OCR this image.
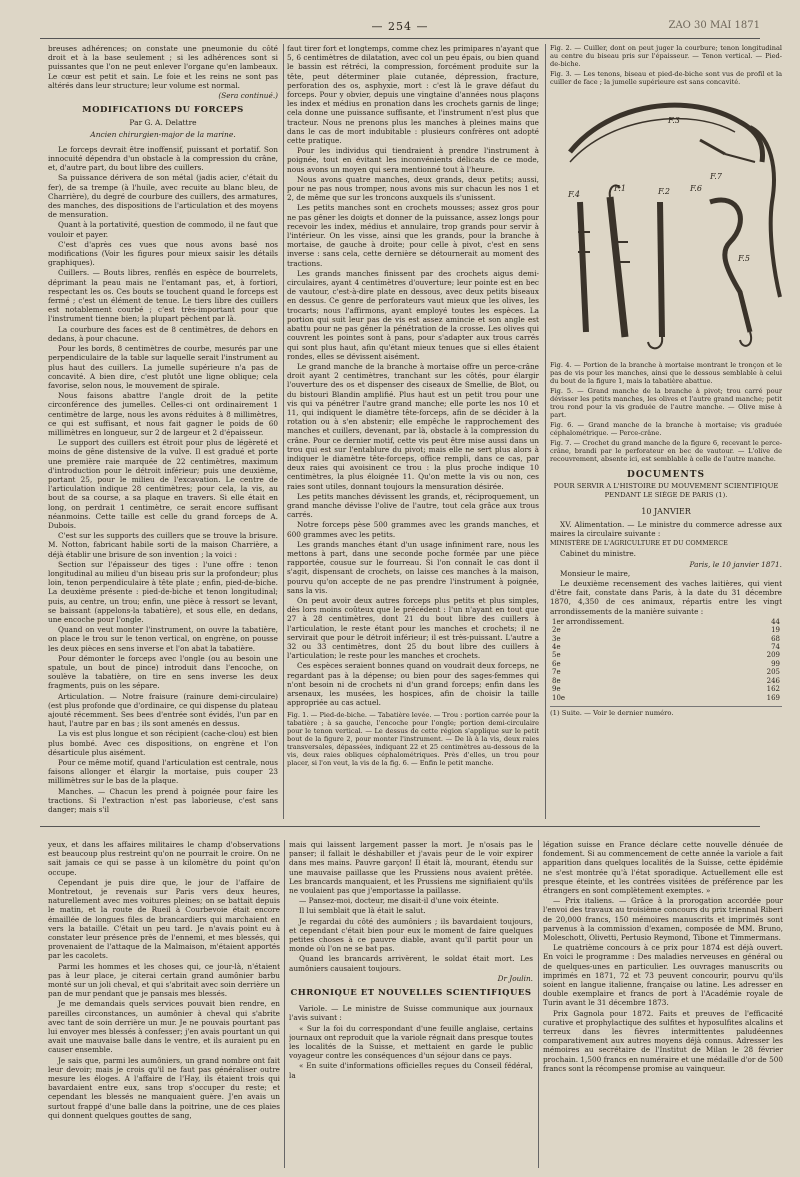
— 254 —	ZAO 30 MAI 1871

breuses adhérences; on constate une pneumonie du côté droit et à la base seulement ; si les adhérences sont si puissantes que l'on ne peut enlever l'organe qu'en lambeaux. Le cœur est petit et sain. Le foie et les reins ne sont pas altérés dans leur structure; leur volume est normal.

(Sera continué.)
MODIFICATIONS DU FORCEPS
Par G. A. Delattre
Ancien chirurgien-major de la marine.

Le forceps devrait être inoffensif, puissant et portatif. Son innocuité dépendra d'un obstacle à la compression du crâne, et, d'autre part, du bout libre des cuillers.

Sa puissance dérivera de son métal (jadis acier, c'était du fer), de sa trempe (à l'huile, avec recuite au blanc bleu, de Charrière), du degré de courbure des cuillers, des armatures, des manches, des dispositions de l'articulation et des moyens de mensuration.

Quant à la portativité, question de commodo, il ne faut que vouloir et payer.

C'est d'après ces vues que nous avons basé nos modifications (Voir les figures pour mieux saisir les détails graphiques).

Cuillers. — Bouts libres, renflés en espèce de bourrelets, déprimant la peau mais ne l'entamant pas, et, à fortiori, respectant les os. Ces bouts se touchent quand le forceps est fermé ; c'est un élément de tenue. Le tiers libre des cuillers est notablement courbé ; c'est très-important pour que l'instrument tienne bien; la plupart pèchent par là.

La courbure des faces est de 8 centimètres, de dehors en dedans, à pour chacune.

Pour les bords, 8 centimètres de courbe, mesurés par une perpendiculaire de la table sur laquelle serait l'instrument au plus haut des cuillers. La jumelle supérieure n'a pas de concavité. A bien dire, c'est plutôt une ligne oblique; cela favorise, selon nous, le mouvement de spirale.

Nous faisons abattre l'angle droit de la petite circonférence des jumelles. Celles-ci ont ordinairement 1 centimètre de large, nous les avons réduites à 8 millimètres, ce qui est suffisant, et nous fait gagner le poids de 60 millimètres en longueur, sur 2 de largeur et 2 d'épaisseur.

Le support des cuillers est étroit pour plus de légèreté et moins de gêne distensive de la vulve. Il est gradué et porte une première raie marquée de 22 centimètres, maximum d'introduction pour le détroit inférieur; puis une deuxième, portant 25, pour le milieu de l'excavation. Le centre de l'articulation indique 28 centimètres; pour cela, la vis, au bout de sa course, a sa plaque en travers. Si elle était en long, on perdrait 1 centimètre, ce serait encore suffisant néanmoins. Cette taille est celle du grand forceps de A. Dubois.

C'est sur les supports des cuillers que se trouve la brisure. M. Notton, fabricant habile sorti de la maison Charrière, a déjà établir une brisure de son invention ; la voici :

Section sur l'épaisseur des tiges : l'une offre : tenon longitudinal au milieu d'un biseau pris sur la profondeur; plus loin, tenon perpendiculaire à tête plate ; enfin, pied-de-biche. La deuxième présente : pied-de-biche et tenon longitudinal; puis, au centre, un trou; enfin, une pièce à ressort se levant, se baissant (appelons-la tabatière), et sous elle, en dedans, une encoche pour l'ongle.

Quand on veut monter l'instrument, on ouvre la tabatière, on place le trou sur le tenon vertical, on engrène, on pousse les deux pièces en sens inverse et l'on abat la tabatière.

Pour démonter le forceps avec l'ongle (ou au besoin une spatule, un bout de pince) introduit dans l'encoche, on soulève la tabatière, on tire en sens inverse les deux fragments, puis on les sépare.

Articulation. — Notre fraisure (rainure demi-circulaire) (est plus profonde que d'ordinaire, ce qui dispense du plateau ajouté récemment. Ses bees d'entrée sont évidés, l'un par en haut, l'autre par en bas ; ils sont amenés en dessus.

La vis est plus longue et son récipient (cache-clou) est bien plus bombé. Avec ces dispositions, on engrène et l'on désarticule plus aisément.

Pour ce même motif, quand l'articulation est centrale, nous faisons allonger et élargir la mortaise, puis couper 23 millimètres sur le bas de la plaque.

Manches. — Chacun les prend à poignée pour faire les tractions. Si l'extraction n'est pas laborieuse, c'est sans danger; mais s'il

faut tirer fort et longtemps, comme chez les primipares n'ayant que 5, 6 centimètres de dilatation, avec col un peu épais, ou bien quand le bassin est rétréci, la compression, forcément produite sur la tête, peut déterminer plaie cutanée, dépression, fracture, perforation des os, asphyxie, mort : c'est là le grave défaut du forceps. Pour y obvier, depuis une vingtaine d'années nous plaçons les index et médius en pronation dans les crochets garnis de linge; cela donne une puissance suffisante, et l'instrument n'est plus que tracteur. Nous ne prenons plus les manches à pleines mains que dans le cas de mort indubitable : plusieurs confrères ont adopté cette pratique.

Pour les individus qui tiendraient à prendre l'instrument à poignée, tout en évitant les inconvénients délicats de ce mode, nous avons un moyen qui sera mentionné tout à l'heure.

Nous avons quatre manches, deux grands, deux petits; aussi, pour ne pas nous tromper, nous avons mis sur chacun les nos 1 et 2, de même que sur les troncons auxquels ils s'unissent.

Les petits manches sont en crochets mousses; assez gros pour ne pas gêner les doigts et donner de la puissance, assez longs pour recevoir les index, médius et annulaire, trop grands pour servir à l'intérieur. On les visse, ainsi que les grands, pour la branche à mortaise, de gauche à droite; pour celle à pivot, c'est en sens inverse : sans cela, cette dernière se détournerait au moment des tractions.

Les grands manches finissent par des crochets aigus demi-circulaires, ayant 4 centimètres d'ouverture; leur pointe est en bec de vautour, c'est-à-dire plate en dessous, avec deux petits biseaux en dessus. Ce genre de perforateurs vaut mieux que les olives, les trocarts; nous l'affirmons, ayant employé toutes les espèces. La portion qui suit leur pas de vis est assez amincie et son angle est abattu pour ne pas gêner la pénétration de la crosse. Les olives qui couvrent les pointes sont à pans, pour s'adapter aux trous carrés qui sont plus haut, afin qu'étant mieux tenues que si elles étaient rondes, elles se dévissent aisément.

Le grand manche de la branche à mortaise offre un perce-crâne droit ayant 2 centimètres, tranchant sur les côtés, pour élargir l'ouverture des os et dispenser des ciseaux de Smellie, de Blot, ou du bistouri Blandin amplifié. Plus haut est un petit trou pour une vis qui va pénétrer l'autre grand manche; elle porte les nos 10 et 11, qui indiquent le diamètre tête-forceps, afin de se décider à la rotation ou à s'en abstenir; elle empêche le rapprochement des manches et cuillers, devenant, par là, obstacle à la compression du crâne. Pour ce dernier motif, cette vis peut être mise aussi dans un trou qui est sur l'entablure du pivot; mais elle ne sert plus alors à indiquer le diamètre tête-forceps, office rempli, dans ce cas, par deux raies qui avoisinent ce trou : la plus proche indique 10 centimètres, la plus éloignée 11. Qu'on mette la vis ou non, ces raies sont utiles, donnant toujours la mensuration désirée.

Les petits manches dévissent les grands, et, réciproquement, un grand manche dévisse l'olive de l'autre, tout cela grâce aux trous carrés.

Notre forceps pèse 500 grammes avec les grands manches, et 600 grammes avec les petits.

Les grands manches étant d'un usage infiniment rare, nous les mettons à part, dans une seconde poche formée par une pièce rapportée, cousue sur le fourreau. Si l'on connaît le cas dont il s'agit, dispensant de crochets, on laisse ces manches à la maison, pourvu qu'on accepte de ne pas prendre l'instrument à poignée, sans la vis.

On peut avoir deux autres forceps plus petits et plus simples, dès lors moins coûteux que le précédent : l'un n'ayant en tout que 27 à 28 centimètres, dont 21 du bout libre des cuillers à l'articulation, le reste étant pour les manches et crochets; il ne servirait que pour le détroit inférieur; il est très-puissant. L'autre a 32 ou 33 centimètres, dont 25 du bout libre des cuillers à l'articulation; le reste pour les manches et crochets.

Ces espèces seraient bonnes quand on voudrait deux forceps, ne regardant pas à la dépense; ou bien pour des sages-femmes qui n'ont besoin ni de crochets ni d'un grand forceps; enfin dans les arsenaux, les musées, les hospices, afin de choisir la taille appropriée au cas actuel.

Fig. 1. — Pied-de-biche. — Tabatière levée. — Trou : portion carrée pour la tabatière ; à sa gauche, l'encoche pour l'ongle; portion demi-circulaire pour le tenon vertical. — Le dessus de cette région s'applique sur le petit bout de la figure 2, pour monter l'instrument. — De là à la vis, deux raies transversales, dépassées, indiquant 22 et 25 centimètres au-dessous de la vis, deux raies obliques céphalométriques. Près d'elles, un trou pour placer, si l'on veut, la vis de la fig. 6. — Enfin le petit manche.
Fig. 2. — Cuiller, dont on peut juger la courbure; tenon longitudinal au centre du biseau pris sur l'épaisseur. — Tenon vertical. — Pied-de-biche.
Fig. 3. — Les tenons, biseau et pied-de-biche sont vus de profil et la cuiller de face ; la jumelle supérieure est sans concavité.
F.3
F.5
F.7
F.4
F.1	F.2	F.6
Fig. 4. — Portion de la branche à mortaise montrant le tronçon et le pas de vis pour les manches, ainsi que le dessous semblable à celui du bout de la figure 1, mais la tabatière abattue.
Fig. 5. — Grand manche de la branche à pivot; trou carré pour dévisser les petits manches, les olives et l'autre grand manche; petit trou rond pour la vis graduée de l'autre manche. — Olive mise à part.
Fig. 6. — Grand manche de la branche à mortaise; vis graduée céphalométrique. — Perce-crâne.
Fig. 7. — Crochet du grand manche de la figure 6, recevant le perce-crâne, brandi par le perforateur en bec de vautour. — L'olive de recouvrement, absente ici, est semblable à celle de l'autre manche.
DOCUMENTS
POUR SERVIR A L'HISTOIRE DU MOUVEMENT SCIENTIFIQUE PENDANT LE SIÉGE DE PARIS (1).
10 JANVIER

XV. Alimentation. — Le ministre du commerce adresse aux maires la circulaire suivante :

MINISTÈRE DE L'AGRICULTURE ET DU COMMERCE

Cabinet du ministre.

Paris, le 10 janvier 1871.

Monsieur le maire,

Le deuxième recensement des vaches laitières, qui vient d'être fait, constate dans Paris, à la date du 31 décembre 1870, 4,350 de ces animaux, répartis entre les vingt arrondissements de la manière suivante :

1er arrondissement.	44
2e	19
3e	68
4e	74
5e	209
6e	99
7e	205
8e	246
9e	162
10e	169
(1) Suite. — Voir le dernier numéro.

yeux, et dans les affaires militaires le champ d'observations est beaucoup plus restreint qu'on ne pourrait le croire. On ne sait jamais ce qui se passe à un kilomètre du point qu'on occupe.

Cependant je puis dire que, le jour de l'affaire de Montretout, je revenais sur Paris vers deux heures, naturellement avec mes voitures pleines; on se battait depuis le matin, et la route de Rueil à Courbevoie était encore émaillée de longues files de brancardiers qui marchaient en vers la bataille. C'était un peu tard. Je n'avais point eu à constater leur présence près de l'ennemi, et mes blessés, qui provenaient de l'attaque de la Malmaison, m'étaient apportés par les cacolets.

Parmi les hommes et les choses qui, ce jour-là, n'étaient pas à leur place, je citerai certain grand aumônier barbu monté sur un joli cheval, et qui s'abritait avec soin derrière un pan de mur pendant que je pansais mes blessés.

Je me demandais quels services pouvait bien rendre, en pareilles circonstances, un aumônier à cheval qui s'abrite avec tant de soin derrière un mur. Je ne pouvais pourtant pas lui envoyer mes blessés à confesser; j'en avais pourtant un qui avait une mauvaise balle dans le ventre, et ils auraient pu en causer ensemble.

Je sais que, parmi les aumôniers, un grand nombre ont fait leur devoir; mais je crois qu'il ne faut pas généraliser outre mesure les éloges. A l'affaire de l'Hay, ils étaient trois qui bavardaient entre eux, sans trop s'occuper du reste; et cependant les blessés ne manquaient guère. J'en avais un surtout frappé d'une balle dans la poitrine, une de ces plaies qui donnent quelques gouttes de sang,

mais qui laissent largement passer la mort. Je n'osais pas le panser; il fallait le déshabiller et j'avais peur de le voir expirer dans mes mains. Pauvre garçon! Il était là, mourant, étendu sur une mauvaise paillasse que les Prussiens nous avaient prêtée. Les brancards manquaient, et les Prussiens me signifiaient qu'ils ne voulaient pas que j'emportasse la paillasse.

— Pansez-moi, docteur, me disait-il d'une voix éteinte.

Il lui semblait que là était le salut.

Je regardai du côté des aumôniers ; ils bavardaient toujours, et cependant c'était bien pour eux le moment de faire quelques petites choses à ce pauvre diable, avant qu'il partit pour un monde où l'on ne se bat pas.

Quand les brancards arrivèrent, le soldat était mort. Les aumôniers causaient toujours.

Dr Joulin.
CHRONIQUE ET NOUVELLES SCIENTIFIQUES

Variole. — Le ministre de Suisse communique aux journaux l'avis suivant :

« Sur la foi du correspondant d'une feuille anglaise, certains journaux ont reproduit que la variole régnait dans presque toutes les localités de la Suisse, et mettaient en garde le public voyageur contre les conséquences d'un séjour dans ce pays.

« En suite d'informations officielles reçues du Conseil fédéral, la

légation suisse en France déclare cette nouvelle dénuée de fondement. Si au commencement de cette année la variole a fait apparition dans quelques localités de la Suisse, cette épidémie ne s'est montrée qu'à l'état sporadique. Actuellement elle est presque éteinte, et les contrées visitées de préférence par les étrangers en sont complètement exemptes. »

— Prix italiens. — Grâce à la prorogation accordée pour l'envoi des travaux au troisième concours du prix triennal Riberi de 20,000 francs, 150 mémoires manuscrits et imprimés sont parvenus à la commission d'examen, composée de MM. Bruno, Moleschott, Olivetti, Pertusio Reymond, Tibone et Timmermans.

Le quatrième concours à ce prix pour 1874 est déjà ouvert. En voici le programme : Des maladies nerveuses en général ou de quelques-unes en particulier. Les ouvrages manuscrits ou imprimés en 1871, 72 et 73 peuvent concourir, pourvu qu'ils soient en langue italienne, française ou latine. Les adresser en double exemplaire et francs de port à l'Académie royale de Turin avant le 31 décembre 1873.

Prix Gagnola pour 1872. Faits et preuves de l'efficacité curative et prophylactique des sulfites et hyposulfites alcalins et terreux dans les fièvres intermittentes paludéennes comparativement aux autres moyens déjà connus. Adresser les mémoires au secrétaire de l'Institut de Milan le 28 février prochain. 1,500 francs en numéraire et une médaille d'or de 500 francs sont la récompense promise au vainqueur.
